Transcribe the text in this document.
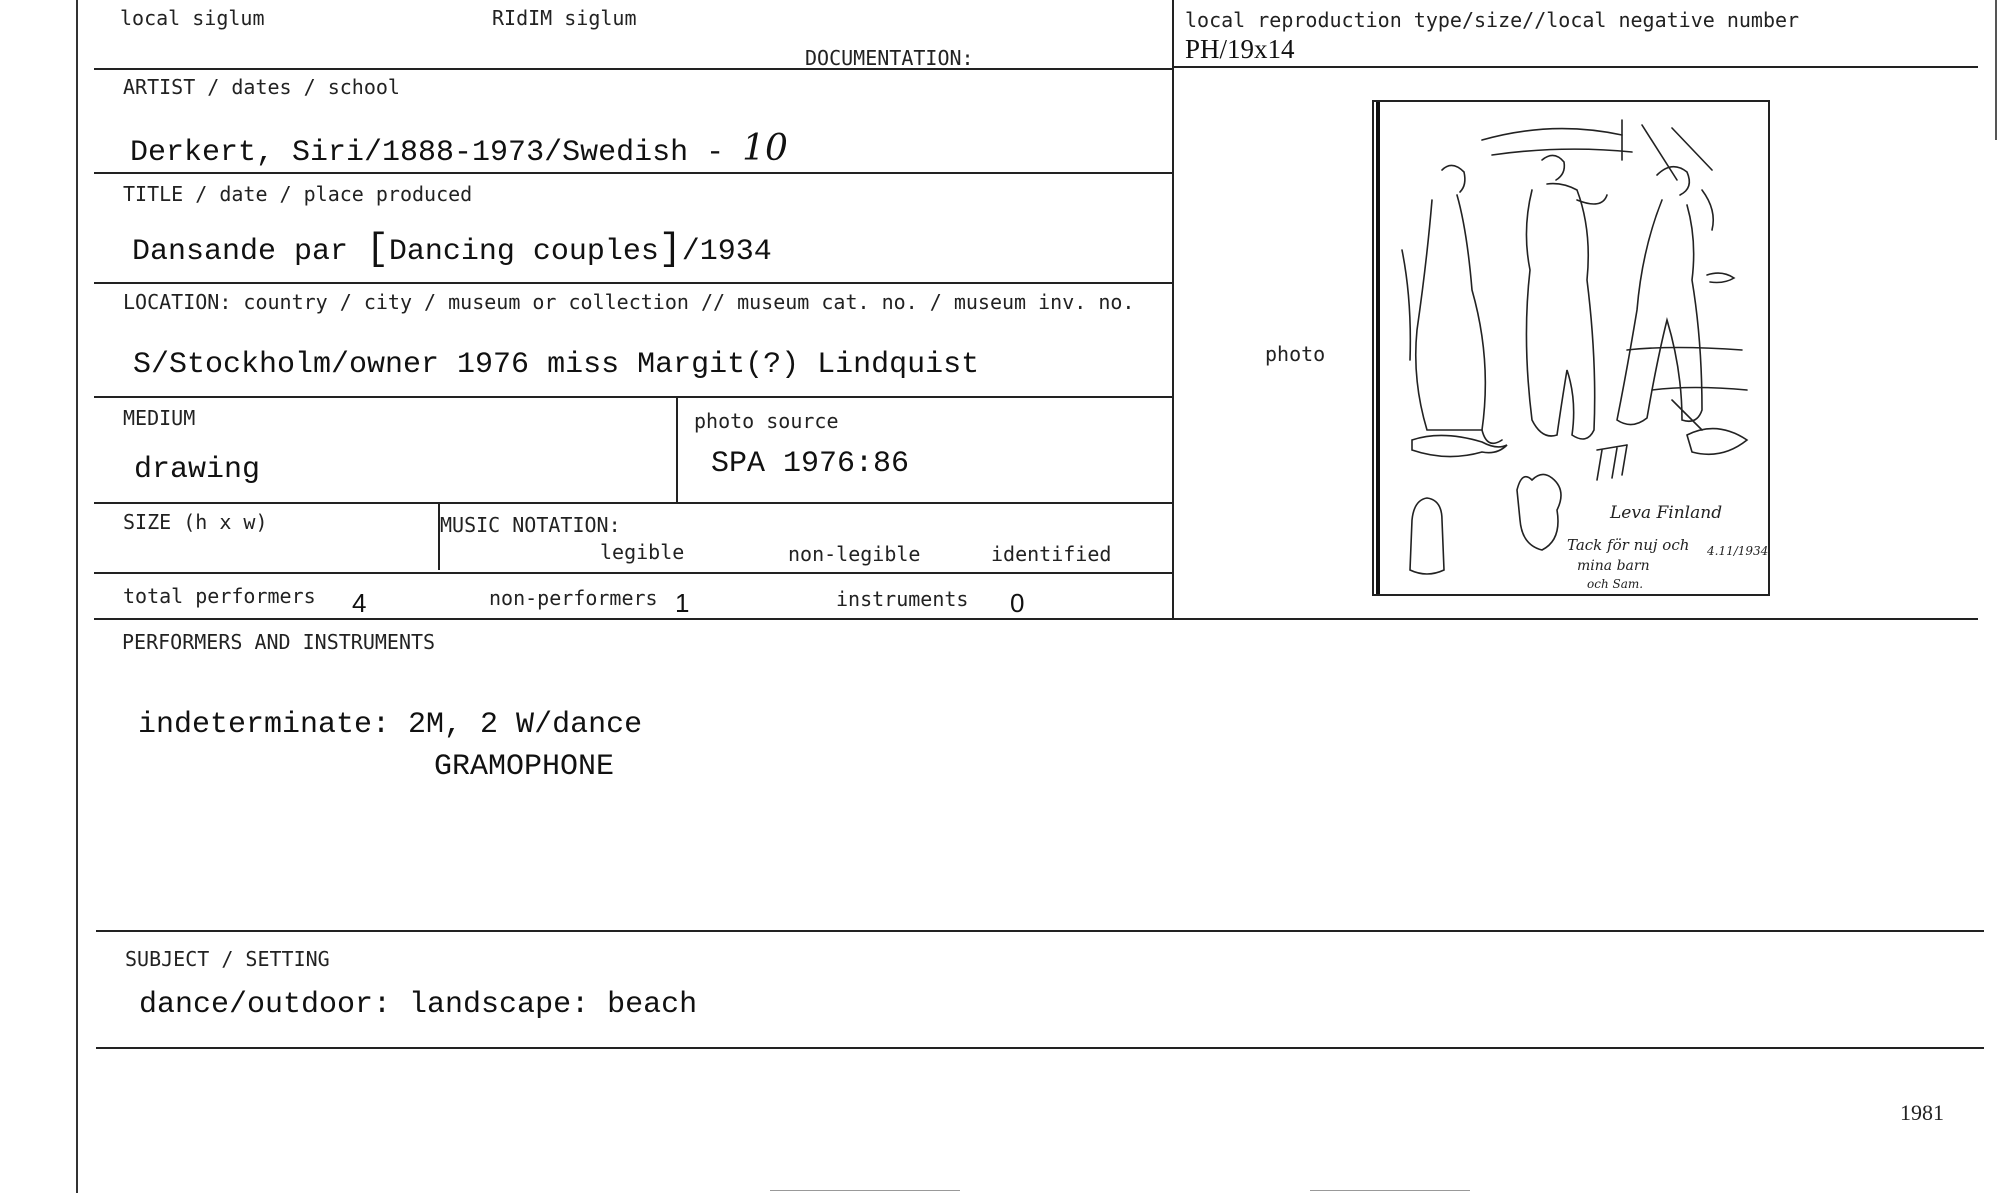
local siglum	RIdIM siglum
DOCUMENTATION:
local reproduction type/size//local negative number
PH/19x14
ARTIST / dates / school
Derkert, Siri/1888-1973/Swedish - 10
TITLE / date / place produced
Dansande par [Dancing couples]/1934
LOCATION: country / city / museum or collection // museum cat. no. / museum inv. no.
S/Stockholm/owner 1976 miss Margit(?) Lindquist
MEDIUM
drawing
photo source
SPA 1976:86
SIZE (h x w)	MUSIC NOTATION:
legible	non-legible	identified
total performers 4	non-performers 1	instruments 0
PERFORMERS AND INSTRUMENTS
indeterminate: 2M, 2 W/dance
GRAMOPHONE
SUBJECT / SETTING
dance/outdoor: landscape: beach
1981
photo
Leva Finland
Tack för nuj och
mina barn
och Sam.
4.11/1934
